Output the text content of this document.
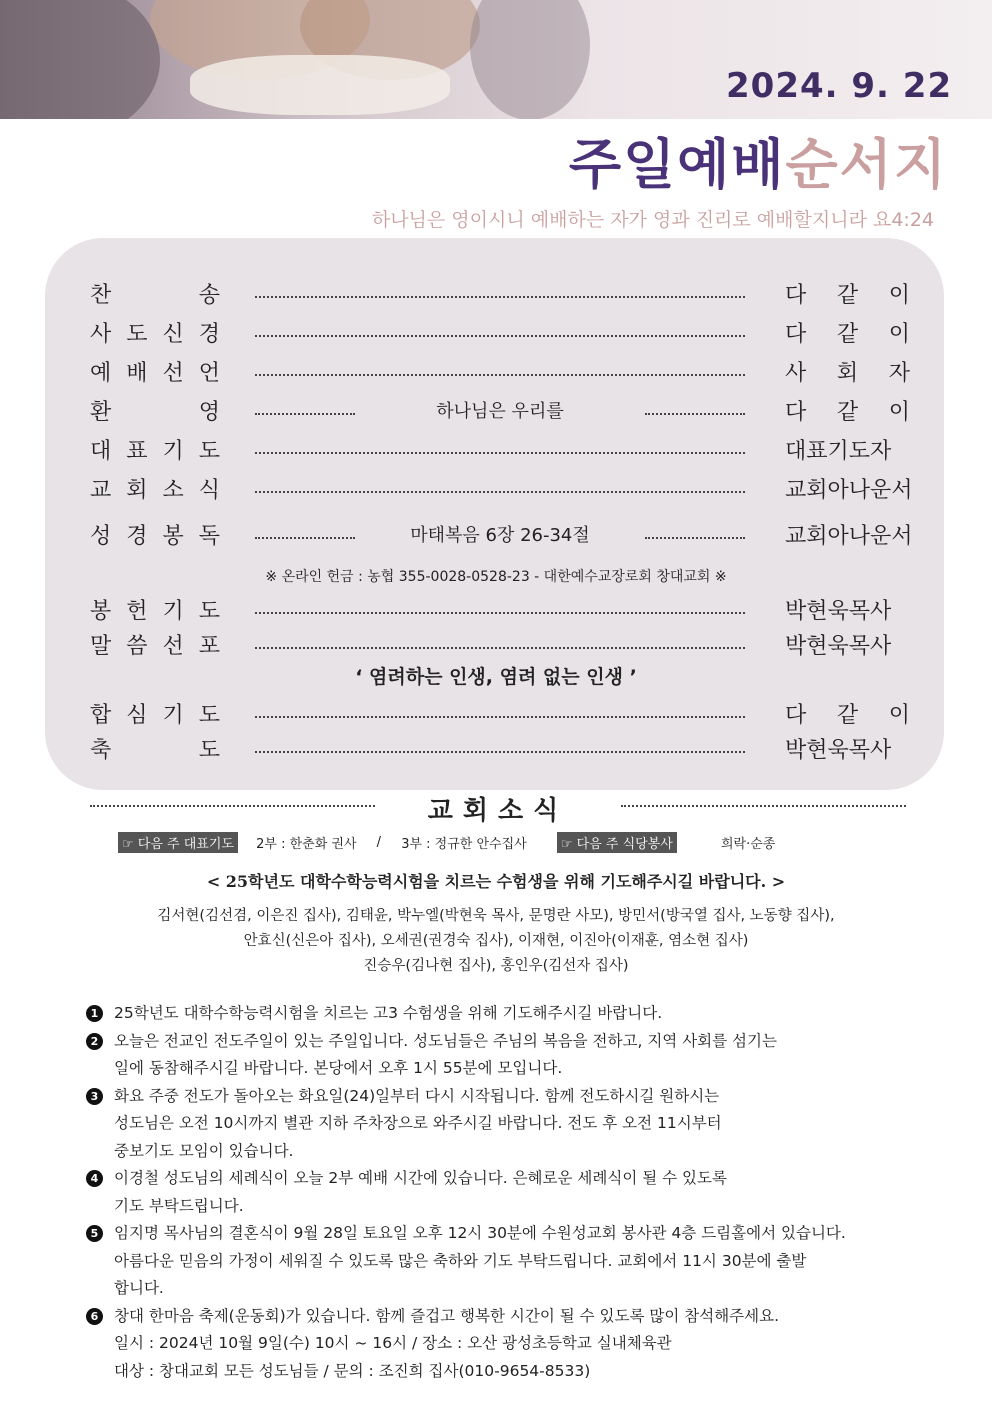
2024. 9. 22
주일예배순서지
하나님은 영이시니 예배하는 자가 영과 진리로 예배할지니라 요4:24
찬	송	다 같 이
사 도 신 경	다 같 이
예 배 선 언	사 회 자
환	영	하나님은 우리를	다 같 이
대 표 기 도	대표기도자
교 회 소 식	교회아나운서
성 경 봉 독	마태복음 6장 26-34절	교회아나운서
봉 헌 기 도	박현욱목사
말 씀 선 포	박현욱목사
합 심 기 도	다 같 이
축	도	박현욱목사
※ 온라인 헌금 : 농협 355-0028-0528-23 - 대한예수교장로회 창대교회 ※
‘ 염려하는 인생, 염려 없는 인생 ’
교회소식
☞ 다음 주 대표기도 2부 : 한춘화 권사 / 3부 : 정규한 안수집사	☞ 다음 주 식당봉사	희락·순종
< 25학년도 대학수학능력시험을 치르는 수험생을 위해 기도해주시길 바랍니다. >
김서현(김선겸, 이은진 집사), 김태윤, 박누엘(박현욱 목사, 문명란 사모), 방민서(방국열 집사, 노동향 집사),
안효신(신은아 집사), 오세권(권경숙 집사), 이재현, 이진아(이재훈, 염소현 집사)
진승우(김나현 집사), 홍인우(김선자 집사)
1	25학년도 대학수학능력시험을 치르는 고3 수험생을 위해 기도해주시길 바랍니다.
2	오늘은 전교인 전도주일이 있는 주일입니다. 성도님들은 주님의 복음을 전하고, 지역 사회를 섬기는
일에 동참해주시길 바랍니다. 본당에서 오후 1시 55분에 모입니다.
3	화요 주중 전도가 돌아오는 화요일(24)일부터 다시 시작됩니다. 함께 전도하시길 원하시는
성도님은 오전 10시까지 별관 지하 주차장으로 와주시길 바랍니다. 전도 후 오전 11시부터
중보기도 모임이 있습니다.
4	이경철 성도님의 세례식이 오늘 2부 예배 시간에 있습니다. 은혜로운 세례식이 될 수 있도록
기도 부탁드립니다.
5	임지명 목사님의 결혼식이 9월 28일 토요일 오후 12시 30분에 수원성교회 봉사관 4층 드림홀에서 있습니다.
아름다운 믿음의 가정이 세워질 수 있도록 많은 축하와 기도 부탁드립니다. 교회에서 11시 30분에 출발
합니다.
6	창대 한마음 축제(운동회)가 있습니다. 함께 즐겁고 행복한 시간이 될 수 있도록 많이 참석해주세요.
일시 : 2024년 10월 9일(수) 10시 ~ 16시 / 장소 : 오산 광성초등학교 실내체육관
대상 : 창대교회 모든 성도님들 / 문의 : 조진희 집사(010-9654-8533)
